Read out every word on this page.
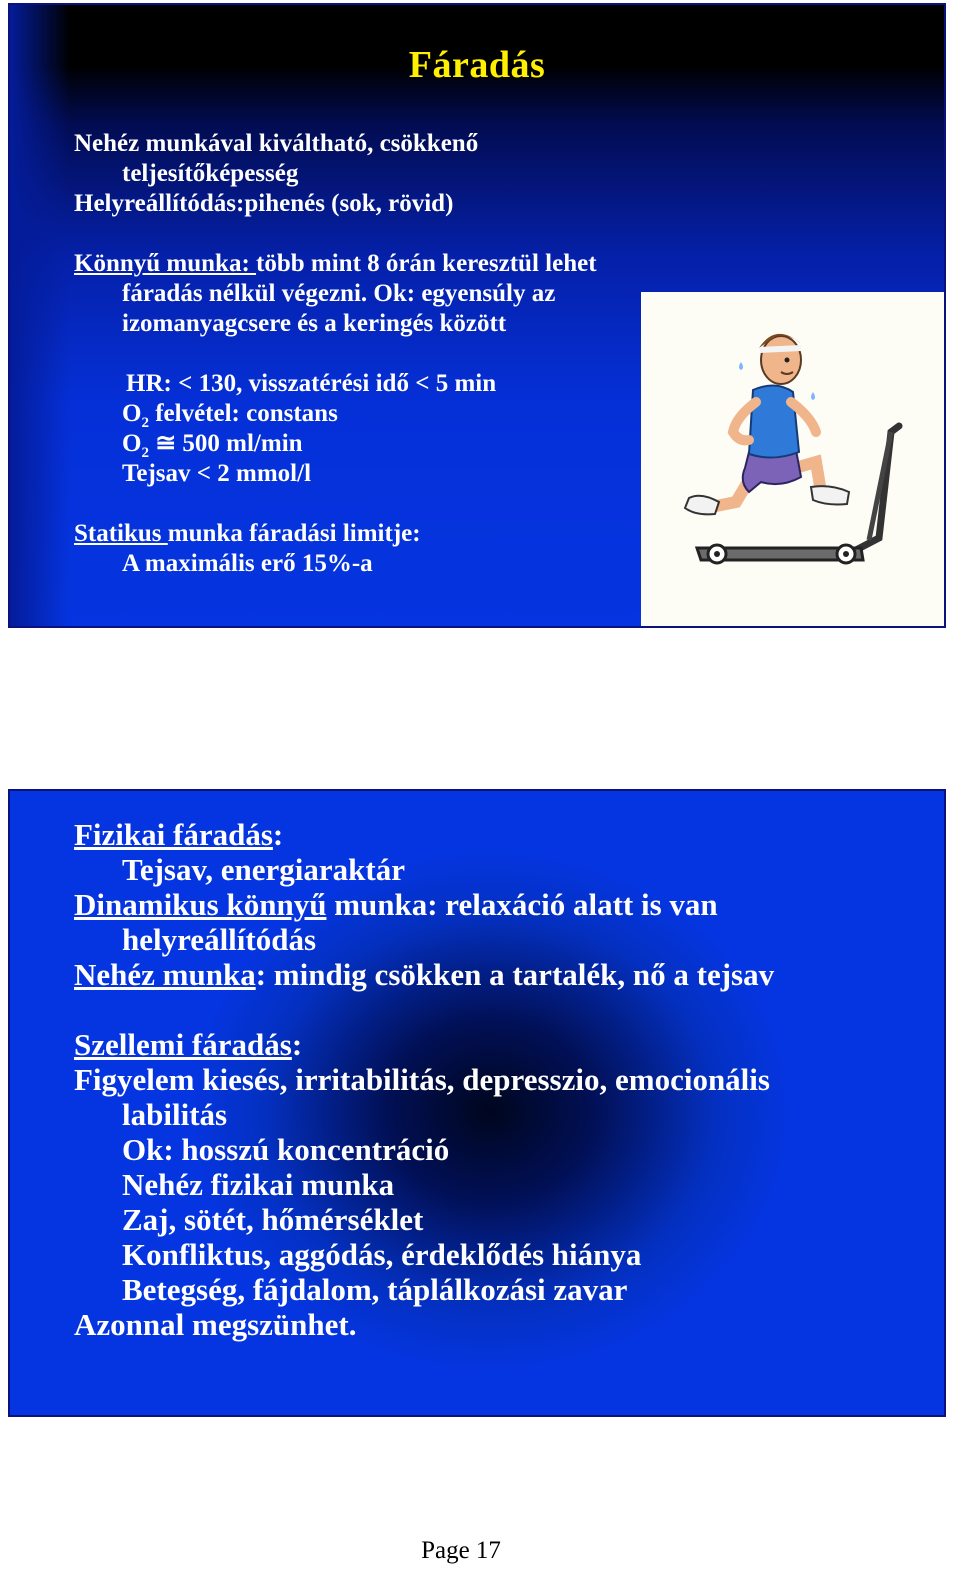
Fáradás
Nehéz munkával kiváltható, csökkenő
teljesítőképesség
Helyreállítódás:pihenés (sok, rövid)
Könnyű munka: több mint 8 órán keresztül lehet
fáradás nélkül végezni. Ok: egyensúly az
izomanyagcsere és a keringés között
HR: < 130, visszatérési idő < 5 min
$O_2$ felvétel: constans
$O_2$ ≅ 500 ml/min
Tejsav < 2 mmol/l
Statikus munka fáradási limitje:
A maximális erő 15%-a
Fizikai fáradás:
Tejsav, energiaraktár
Dinamikus könnyű munka: relaxáció alatt is van
helyreállítódás
Nehéz munka: mindig csökken a tartalék, nő a tejsav
Szellemi fáradás:
Figyelem kiesés, irritabilitás, depresszio, emocionális
labilitás
Ok: hosszú koncentráció
Nehéz fizikai munka
Zaj, sötét, hőmérséklet
Konfliktus, aggódás, érdeklődés hiánya
Betegség, fájdalom, táplálkozási zavar
Azonnal megszünhet.
Page 17
